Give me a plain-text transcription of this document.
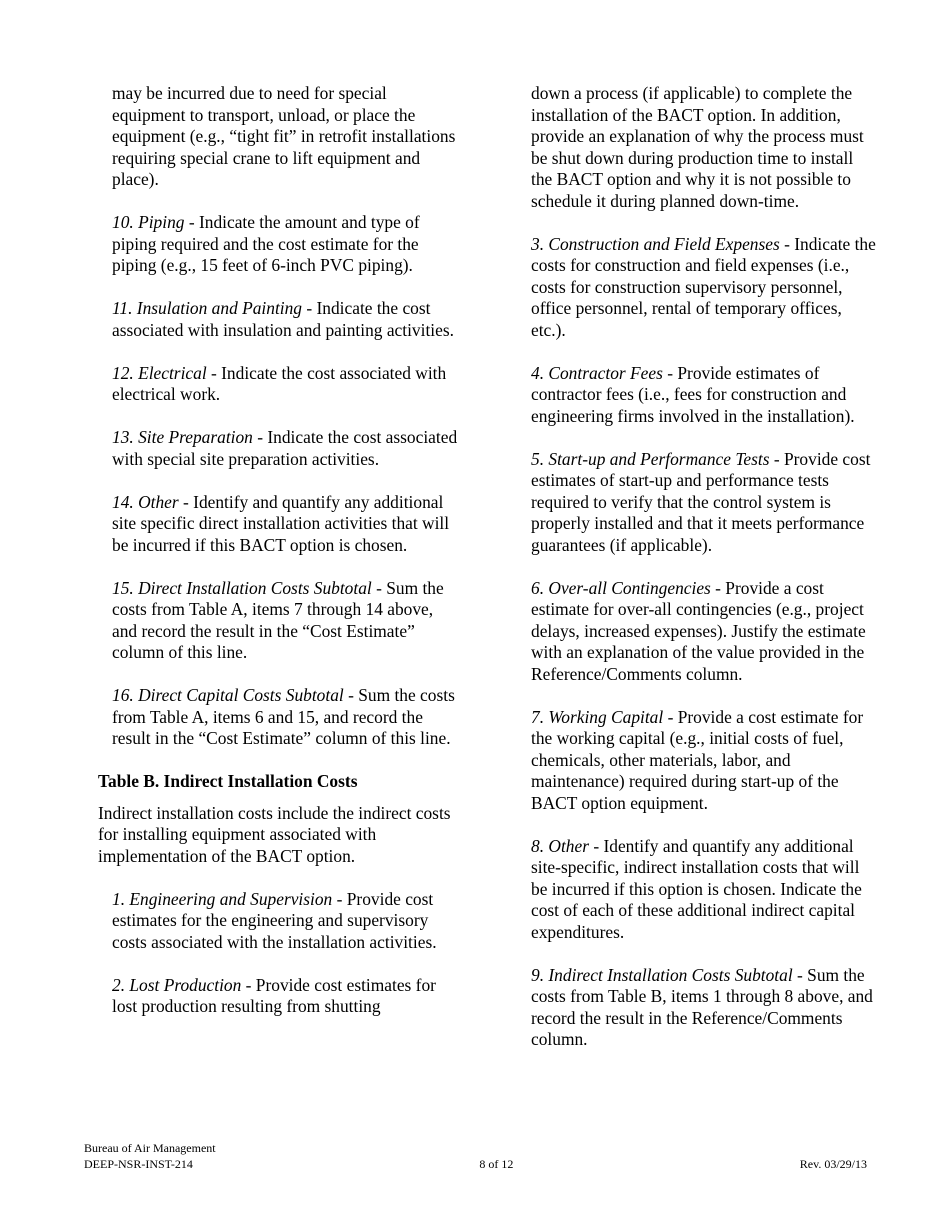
may be incurred due to need for special equipment to transport, unload, or place the equipment (e.g., “tight fit” in retrofit installations requiring special crane to lift equipment and place).

10. Piping - Indicate the amount and type of piping required and the cost estimate for the piping (e.g., 15 feet of 6-inch PVC piping).

11. Insulation and Painting - Indicate the cost associated with insulation and painting activities.

12. Electrical - Indicate the cost associated with electrical work.

13. Site Preparation - Indicate the cost associated with special site preparation activities.

14. Other - Identify and quantify any additional site specific direct installation activities that will be incurred if this BACT option is chosen.

15. Direct Installation Costs Subtotal - Sum the costs from Table A, items 7 through 14 above, and record the result in the “Cost Estimate” column of this line.

16. Direct Capital Costs Subtotal - Sum the costs from Table A, items 6 and 15, and record the result in the “Cost Estimate” column of this line.

Table B. Indirect Installation Costs

Indirect installation costs include the indirect costs for installing equipment associated with implementation of the BACT option.

1. Engineering and Supervision - Provide cost estimates for the engineering and supervisory costs associated with the installation activities.

2. Lost Production - Provide cost estimates for lost production resulting from shutting

down a process (if applicable) to complete the installation of the BACT option. In addition, provide an explanation of why the process must be shut down during production time to install the BACT option and why it is not possible to schedule it during planned down-time.

3. Construction and Field Expenses - Indicate the costs for construction and field expenses (i.e., costs for construction supervisory personnel, office personnel, rental of temporary offices, etc.).

4. Contractor Fees - Provide estimates of contractor fees (i.e., fees for construction and engineering firms involved in the installation).

5. Start-up and Performance Tests - Provide cost estimates of start-up and performance tests required to verify that the control system is properly installed and that it meets performance guarantees (if applicable).

6. Over-all Contingencies - Provide a cost estimate for over-all contingencies (e.g., project delays, increased expenses). Justify the estimate with an explanation of the value provided in the Reference/Comments column.

7. Working Capital - Provide a cost estimate for the working capital (e.g., initial costs of fuel, chemicals, other materials, labor, and maintenance) required during start-up of the BACT option equipment.

8. Other - Identify and quantify any additional site-specific, indirect installation costs that will be incurred if this option is chosen. Indicate the cost of each of these additional indirect capital expenditures.

9. Indirect Installation Costs Subtotal - Sum the costs from Table B, items 1 through 8 above, and record the result in the Reference/Comments column.

Bureau of Air Management
DEEP-NSR-INST-214	8 of 12	Rev. 03/29/13
